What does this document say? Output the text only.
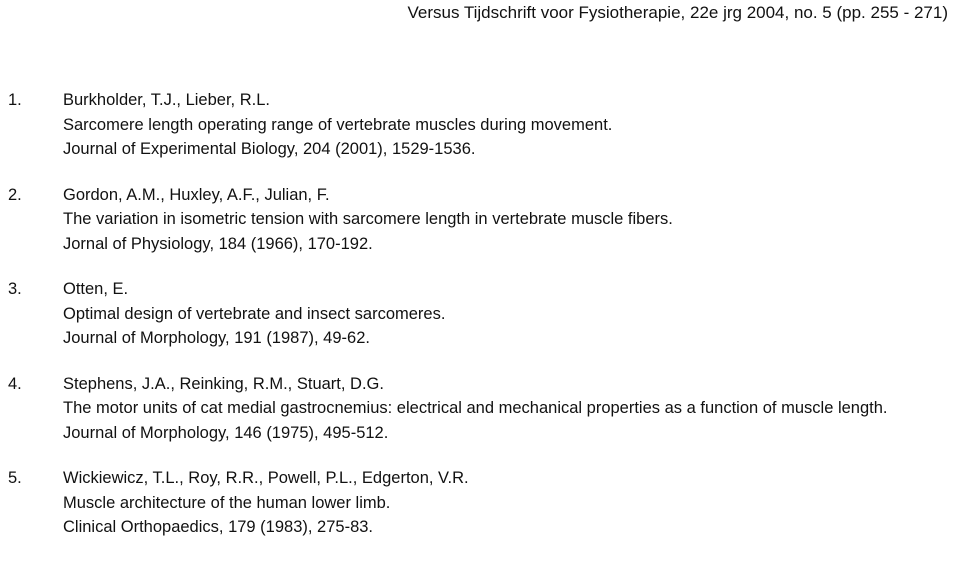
Versus Tijdschrift voor Fysiotherapie, 22e jrg 2004, no. 5 (pp. 255 - 271)
1.	Burkholder, T.J., Lieber, R.L.
Sarcomere length operating range of vertebrate muscles during movement.
Journal of Experimental Biology, 204 (2001), 1529-1536.
2.	Gordon, A.M., Huxley, A.F., Julian, F.
The variation in isometric tension with sarcomere length in vertebrate muscle fibers.
Jornal of Physiology, 184 (1966), 170-192.
3.	Otten, E.
Optimal design of vertebrate and insect sarcomeres.
Journal of Morphology, 191 (1987), 49-62.
4.	Stephens, J.A., Reinking, R.M., Stuart, D.G.
The motor units of cat medial gastrocnemius: electrical and mechanical properties as a function of muscle length.
Journal of Morphology, 146 (1975), 495-512.
5.	Wickiewicz, T.L., Roy, R.R., Powell, P.L., Edgerton, V.R.
Muscle architecture of the human lower limb.
Clinical Orthopaedics, 179 (1983), 275-83.
